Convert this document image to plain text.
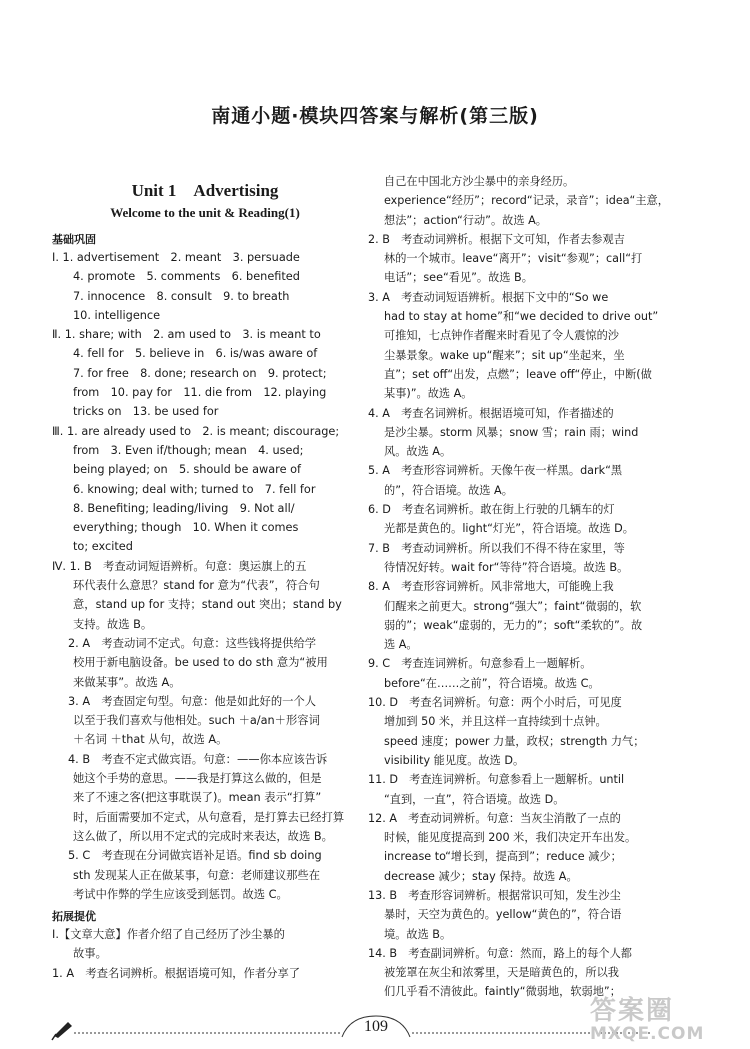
南通小题·模块四答案与解析(第三版)
Unit 1　Advertising
Welcome to the unit & Reading(1)
基础巩固
Ⅰ. 1. advertisement　2. meant　3. persuade
4. promote　5. comments　6. benefited
7. innocence　8. consult　9. to breath
10. intelligence
Ⅱ. 1. share; with　2. am used to　3. is meant to
4. fell for　5. believe in　6. is/was aware of
7. for free　8. done; research on　9. protect;
from　10. pay for　11. die from　12. playing
tricks on　13. be used for
Ⅲ. 1. are already used to　2. is meant; discourage;
from　3. Even if/though; mean　4. used;
being played; on　5. should be aware of
6. knowing; deal with; turned to　7. fell for
8. Benefiting; leading/living　9. Not all/
everything; though　10. When it comes
to; excited
Ⅳ. 1. B　考查动词短语辨析。句意：奥运旗上的五
环代表什么意思？stand for 意为“代表”，符合句
意，stand up for 支持；stand out 突出；stand by
支持。故选 B。
2. A　考查动词不定式。句意：这些钱将提供给学
校用于新电脑设备。be used to do sth 意为“被用
来做某事”。故选 A。
3. A　考查固定句型。句意：他是如此好的一个人
以至于我们喜欢与他相处。such ＋a/an＋形容词
＋名词 ＋that 从句，故选 A。
4. B　考查不定式做宾语。句意：——你本应该告诉
她这个手势的意思。——我是打算这么做的，但是
来了不速之客(把这事耽误了)。mean 表示“打算”
时，后面需要加不定式，从句意看，是打算去已经打算
这么做了，所以用不定式的完成时来表达，故选 B。
5. C　考查现在分词做宾语补足语。find sb doing
sth 发现某人正在做某事，句意：老师建议那些在
考试中作弊的学生应该受到惩罚。故选 C。
拓展提优
Ⅰ.【文章大意】作者介绍了自己经历了沙尘暴的
故事。
1. A　考查名词辨析。根据语境可知，作者分享了
自己在中国北方沙尘暴中的亲身经历。
experience“经历”；record“记录，录音”；idea“主意，
想法”；action“行动”。故选 A。
2. B　考查动词辨析。根据下文可知，作者去参观吉
林的一个城市。leave“离开”；visit“参观”；call“打
电话”；see“看见”。故选 B。
3. A　考查动词短语辨析。根据下文中的“So we
had to stay at home”和“we decided to drive out”
可推知，七点钟作者醒来时看见了令人震惊的沙
尘暴景象。wake up“醒来”；sit up“坐起来，坐
直”；set off“出发，点燃”；leave off“停止，中断(做
某事)”。故选 A。
4. A　考查名词辨析。根据语境可知，作者描述的
是沙尘暴。storm 风暴；snow 雪；rain 雨；wind
风。故选 A。
5. A　考查形容词辨析。天像午夜一样黑。dark“黑
的”，符合语境。故选 A。
6. D　考查名词辨析。敢在街上行驶的几辆车的灯
光都是黄色的。light“灯光”，符合语境。故选 D。
7. B　考查动词辨析。所以我们不得不待在家里，等
待情况好转。wait for“等待”符合语境。故选 B。
8. A　考查形容词辨析。风非常地大，可能晚上我
们醒来之前更大。strong“强大”；faint“微弱的，软
弱的”；weak“虚弱的，无力的”；soft“柔软的”。故
选 A。
9. C　考查连词辨析。句意参看上一题解析。
before“在……之前”，符合语境。故选 C。
10. D　考查名词辨析。句意：两个小时后，可见度
增加到 50 米，并且这样一直持续到十点钟。
speed 速度；power 力量，政权；strength 力气；
visibility 能见度。故选 D。
11. D　考查连词辨析。句意参看上一题解析。until
“直到，一直”，符合语境。故选 D。
12. A　考查动词辨析。句意：当灰尘消散了一点的
时候，能见度提高到 200 米，我们决定开车出发。
increase to“增长到，提高到”；reduce 减少；
decrease 减少；stay 保持。故选 A。
13. B　考查形容词辨析。根据常识可知，发生沙尘
暴时，天空为黄色的。yellow“黄色的”，符合语
境。故选 B。
14. B　考查副词辨析。句意：然而，路上的每个人都
被笼罩在灰尘和浓雾里，天是暗黄色的，所以我
们几乎看不清彼此。faintly“微弱地，软弱地”；
109
答案圈
MXQE.COM
